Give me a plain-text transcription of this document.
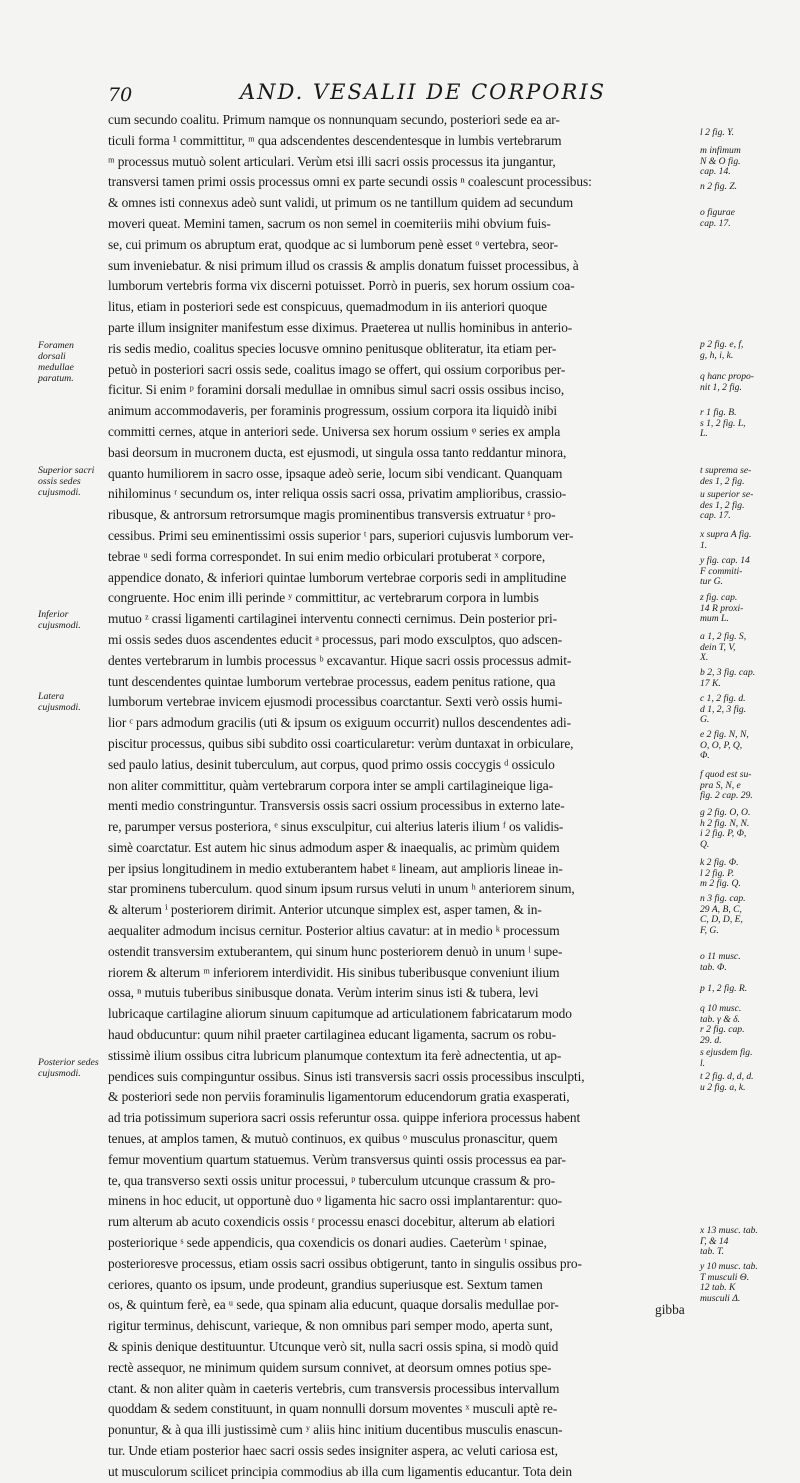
70	AND. VESALII DE CORPORIS

cum secundo coalitu. Primum namque os nonnunquam secundo, posteriori sede ea ar-
ticuli forma ¹ committitur, ᵐ qua adscendentes descendentesque in lumbis vertebrarum
ᵐ processus mutuò solent articulari. Verùm etsi illi sacri ossis processus ita jungantur,
transversi tamen primi ossis processus omni ex parte secundi ossis ⁿ coalescunt processibus:
& omnes isti connexus adeò sunt validi, ut primum os ne tantillum quidem ad secundum
moveri queat. Memini tamen, sacrum os non semel in coemiteriis mihi obvium fuis-
se, cui primum os abruptum erat, quodque ac si lumborum penè esset ᵒ vertebra, seor-
sum inveniebatur. & nisi primum illud os crassis & amplis donatum fuisset processibus, à
lumborum vertebris forma vix discerni potuisset. Porrò in pueris, sex horum ossium coa-
litus, etiam in posteriori sede est conspicuus, quemadmodum in iis anteriori quoque
parte illum insigniter manifestum esse diximus. Praeterea ut nullis hominibus in anterio-
ris sedis medio, coalitus species locusve omnino penitusque obliteratur, ita etiam per-
petuò in posteriori sacri ossis sede, coalitus imago se offert, qui ossium corporibus per-
ficitur. Si enim ᵖ foramini dorsali medullae in omnibus simul sacri ossis ossibus inciso,
animum accommodaveris, per foraminis progressum, ossium corpora ita liquidò inibi
committi cernes, atque in anteriori sede. Universa sex horum ossium ᵠ series ex ampla
basi deorsum in mucronem ducta, est ejusmodi, ut singula ossa tanto reddantur minora,
quanto humiliorem in sacro osse, ipsaque adeò serie, locum sibi vendicant. Quanquam
nihilominus ʳ secundum os, inter reliqua ossis sacri ossa, privatim amplioribus, crassio-
ribusque, & antrorsum retrorsumque magis prominentibus transversis extruatur ˢ pro-
cessibus. Primi seu eminentissimi ossis superior ᵗ pars, superiori cujusvis lumborum ver-
tebrae ᵘ sedi forma correspondet. In sui enim medio orbiculari protuberat ˣ corpore,
appendice donato, & inferiori quintae lumborum vertebrae corporis sedi in amplitudine
congruente. Hoc enim illi perinde ʸ committitur, ac vertebrarum corpora in lumbis
mutuo ᶻ crassi ligamenti cartilaginei interventu connecti cernimus. Dein posterior pri-
mi ossis sedes duos ascendentes educit ᵃ processus, pari modo exsculptos, quo adscen-
dentes vertebrarum in lumbis processus ᵇ excavantur. Hique sacri ossis processus admit-
tunt descendentes quintae lumborum vertebrae processus, eadem penitus ratione, qua
lumborum vertebrae invicem ejusmodi processibus coarctantur. Sexti verò ossis humi-
lior ᶜ pars admodum gracilis (uti & ipsum os exiguum occurrit) nullos descendentes adi-
piscitur processus, quibus sibi subdito ossi coarticularetur: verùm duntaxat in orbiculare,
sed paulo latius, desinit tuberculum, aut corpus, quod primo ossis coccygis ᵈ ossiculo
non aliter committitur, quàm vertebrarum corpora inter se ampli cartilagineique liga-
menti medio constringuntur. Transversis ossis sacri ossium processibus in externo late-
re, parumper versus posteriora, ᵉ sinus exsculpitur, cui alterius lateris ilium ᶠ os validis-
simè coarctatur. Est autem hic sinus admodum asper & inaequalis, ac primùm quidem
per ipsius longitudinem in medio extuberantem habet ᵍ lineam, aut amplioris lineae in-
star prominens tuberculum. quod sinum ipsum rursus veluti in unum ʰ anteriorem sinum,
& alterum ⁱ posteriorem dirimit. Anterior utcunque simplex est, asper tamen, & in-
aequaliter admodum incisus cernitur. Posterior altius cavatur: at in medio ᵏ processum
ostendit transversim extuberantem, qui sinum hunc posteriorem denuò in unum ˡ supe-
riorem & alterum ᵐ inferiorem interdividit. His sinibus tuberibusque conveniunt ilium
ossa, ⁿ mutuis tuberibus sinibusque donata. Verùm interim sinus isti & tubera, levi
lubricaque cartilagine aliorum sinuum capitumque ad articulationem fabricatarum modo
haud obducuntur: quum nihil praeter cartilaginea educant ligamenta, sacrum os robu-
stissimè ilium ossibus citra lubricum planumque contextum ita ferè adnectentia, ut ap-
pendices suis compinguntur ossibus. Sinus isti transversis sacri ossis processibus insculpti,
& posteriori sede non perviis foraminulis ligamentorum educendorum gratia exasperati,
ad tria potissimum superiora sacri ossis referuntur ossa. quippe inferiora processus habent
tenues, at amplos tamen, & mutuò continuos, ex quibus ᵒ musculus pronascitur, quem
femur moventium quartum statuemus. Verùm transversus quinti ossis processus ea par-
te, qua transverso sexti ossis unitur processui, ᵖ tuberculum utcunque crassum & pro-
minens in hoc educit, ut opportunè duo ᵠ ligamenta hic sacro ossi implantarentur: quo-
rum alterum ab acuto coxendicis ossis ʳ processu enasci docebitur, alterum ab elatiori
posteriorique ˢ sede appendicis, qua coxendicis os donari audies. Caeterùm ᵗ spinae,
posterioresve processus, etiam ossis sacri ossibus obtigerunt, tanto in singulis ossibus pro-
ceriores, quanto os ipsum, unde prodeunt, grandius superiusque est. Sextum tamen
os, & quintum ferè, ea ᵘ sede, qua spinam alia educunt, quaque dorsalis medullae por-
rigitur terminus, dehiscunt, varieque, & non omnibus pari semper modo, aperta sunt,
& spinis denique destituuntur. Utcunque verò sit, nulla sacri ossis spina, si modò quid
rectè assequor, ne minimum quidem sursum connivet, at deorsum omnes potius spe-
ctant. & non aliter quàm in caeteris vertebris, cum transversis processibus intervallum
quoddam & sedem constituunt, in quam nonnulli dorsum moventes ˣ musculi aptè re-
ponuntur, & à qua illi justissimè cum ʸ aliis hinc initium ducentibus musculis enascun-
tur. Unde etiam posterior haec sacri ossis sedes insigniter aspera, ac veluti cariosa est,
ut musculorum scilicet principia commodius ab illa cum ligamentis educantur. Tota dein

Foramen dorsali medullae paratum.
Superior sacri ossis sedes cujusmodi.
Inferior cujusmodi.
Latera cujusmodi.
Posterior sedes cujusmodi.
l 2 fig. Y.
m infimum
N & O fig.
cap. 14.
n 2 fig. Z.
o figurae
cap. 17.
p 2 fig. e, f,
g, h, i, k.
q hanc propo-
nit 1, 2 fig.
r 1 fig. B.
s 1, 2 fig. L,
L.
t suprema se-
des 1, 2 fig.
u superior se-
des 1, 2 fig.
cap. 17.
x supra A fig.
1.
y fig. cap. 14
F commiti-
tur G.
z fig. cap.
14 R proxi-
mum L.
a 1, 2 fig. S,
dein T, V,
X.
b 2, 3 fig. cap.
17 K.
c 1, 2 fig. d.
d 1, 2, 3 fig.
G.
e 2 fig. N, N,
O, O, P, Q,
Φ.
f quod est su-
pra S, N, e
fig. 2 cap. 29.
g 2 fig. O, O.
h 2 fig. N, N.
i 2 fig. P, Φ,
Q.
k 2 fig. Φ.
l 2 fig. P.
m 2 fig. Q.
n 3 fig. cap.
29 A, B, C,
C, D, D, E,
F, G.
o 11 musc.
tab. Φ.
p 1, 2 fig. R.
q 10 musc.
tab. γ & δ.
r 2 fig. cap.
29. d.
s ejusdem fig.
l.
t 2 fig. d, d, d.
u 2 fig. a, k.
x 13 musc. tab.
Γ, & 14
tab. Τ.
y 10 musc. tab.
Τ musculi Θ.
12 tab. Κ
musculi Δ.
gibba
